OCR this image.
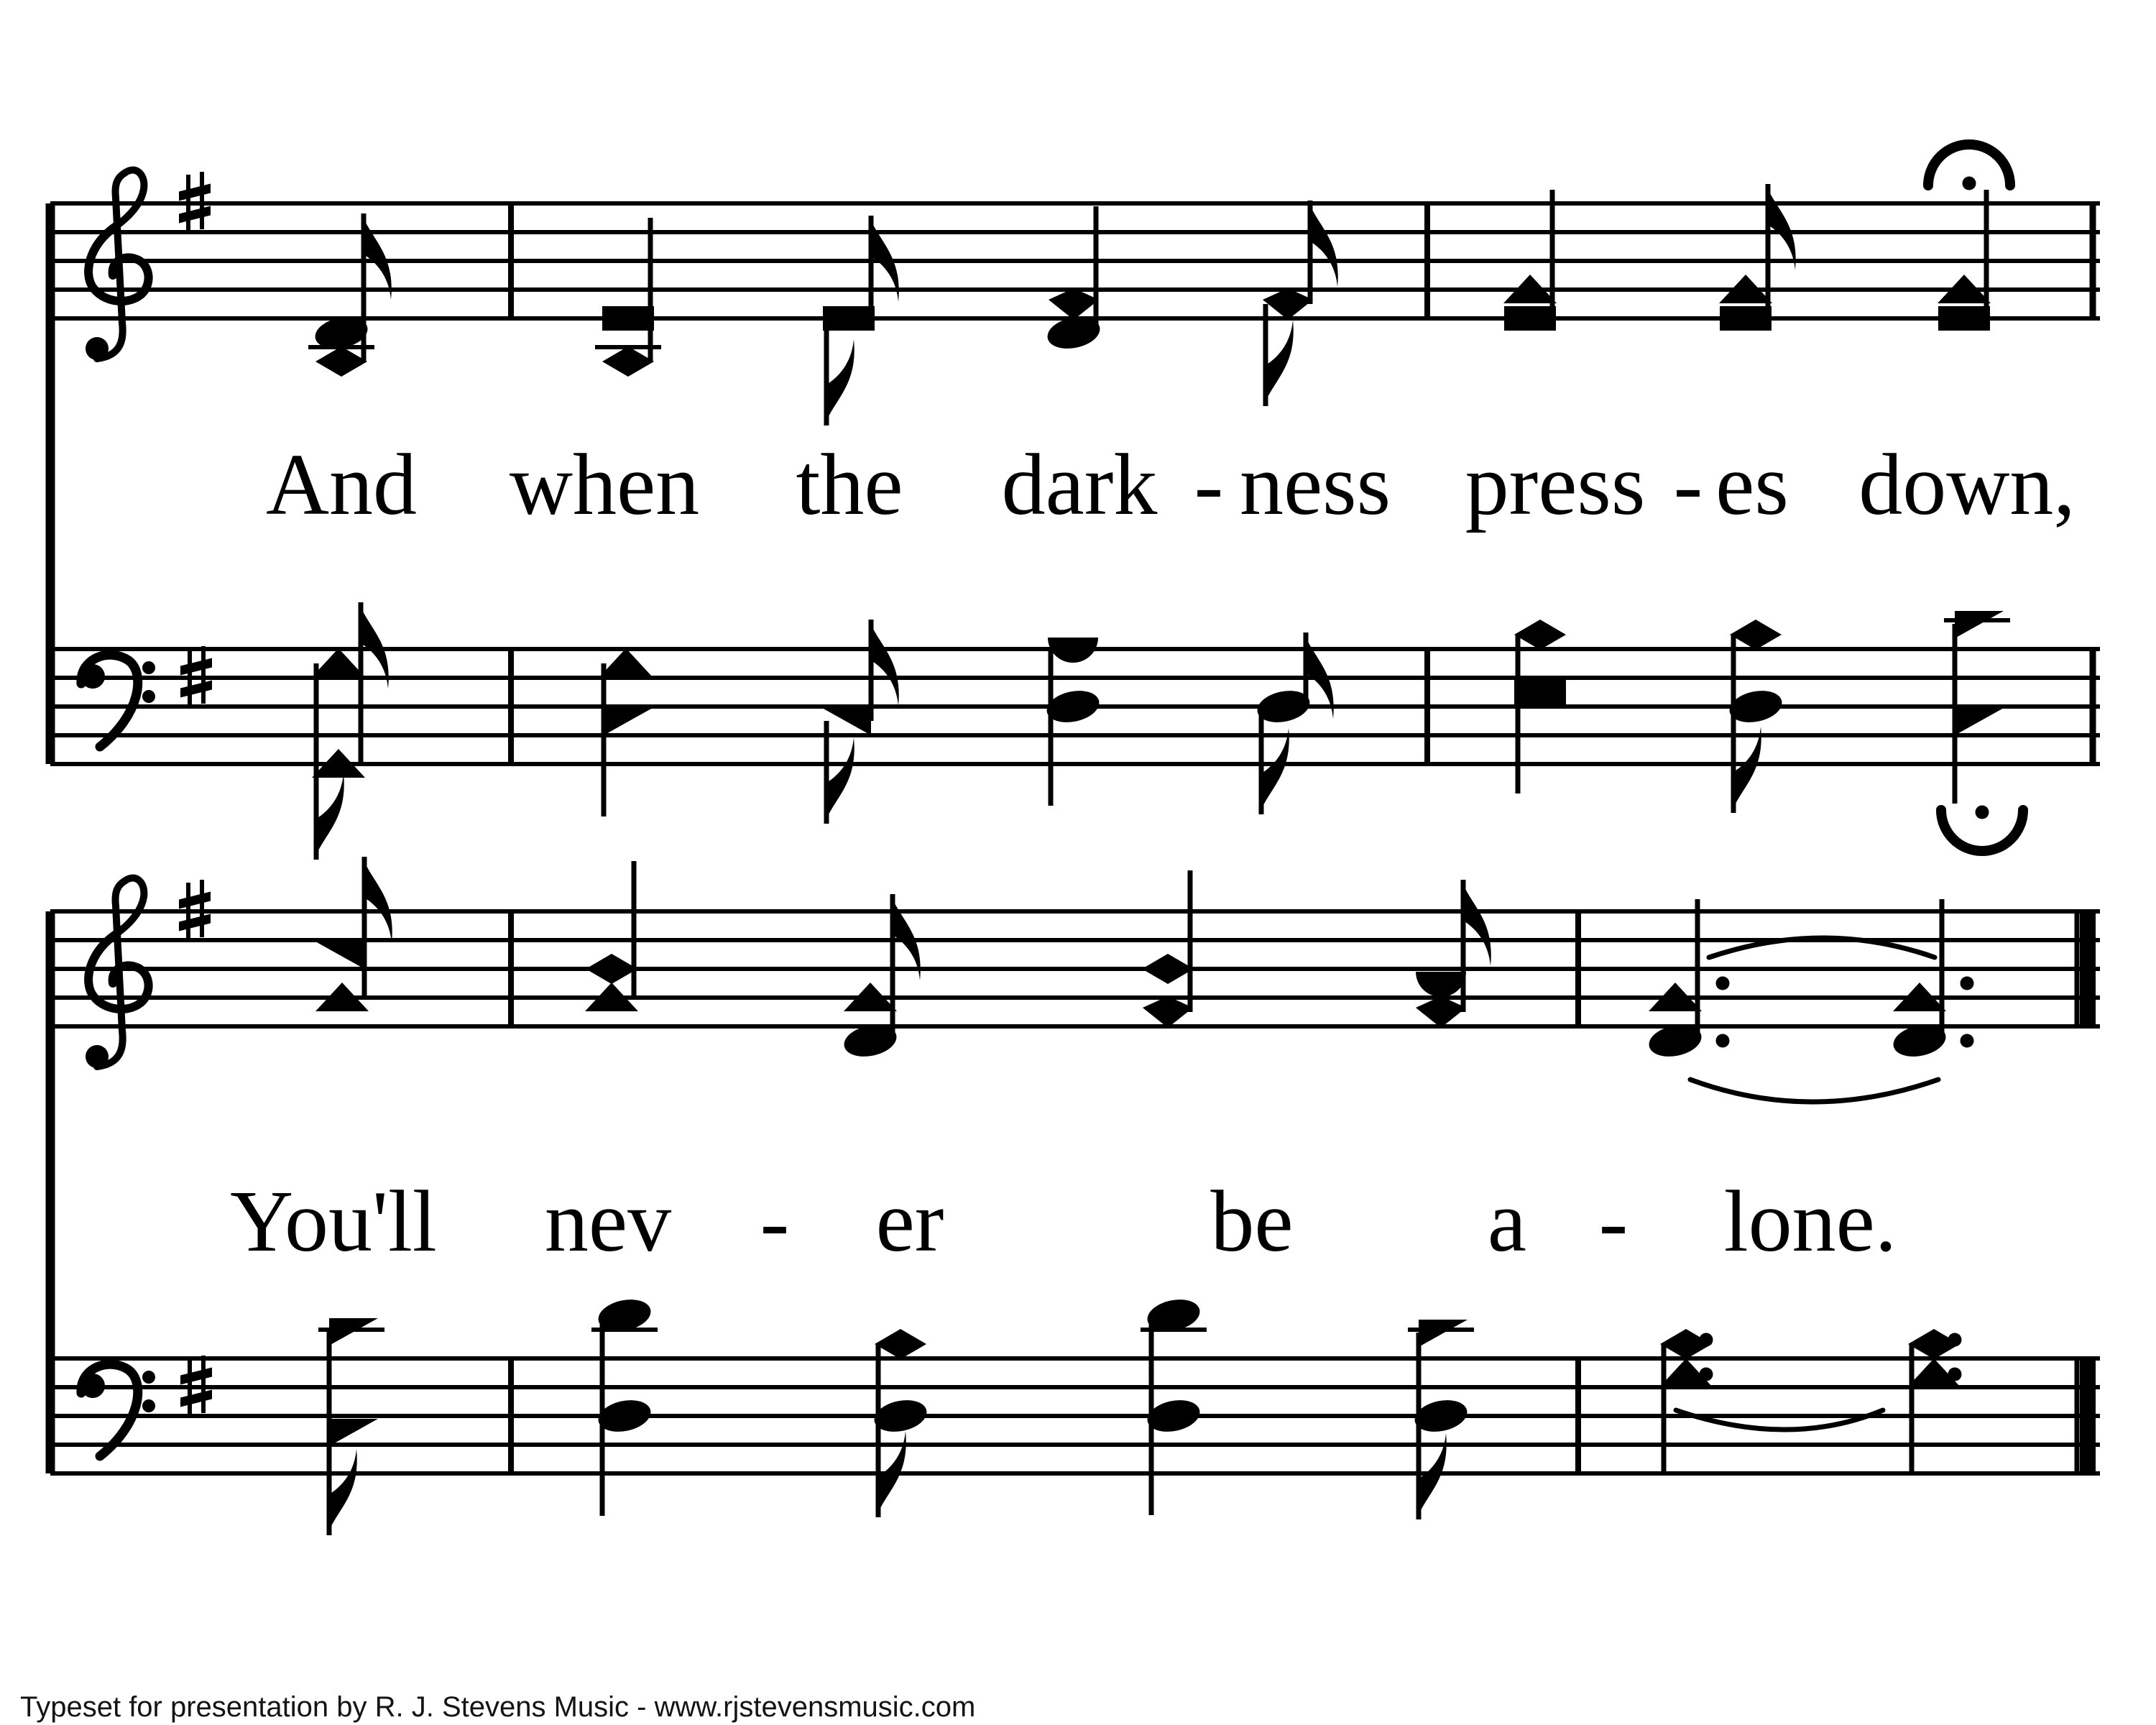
And when the dark - ness press - es down,
You'll nev - er	be a - lone.
Typeset for presentation by R. J. Stevens Music - www.rjstevensmusic.com
